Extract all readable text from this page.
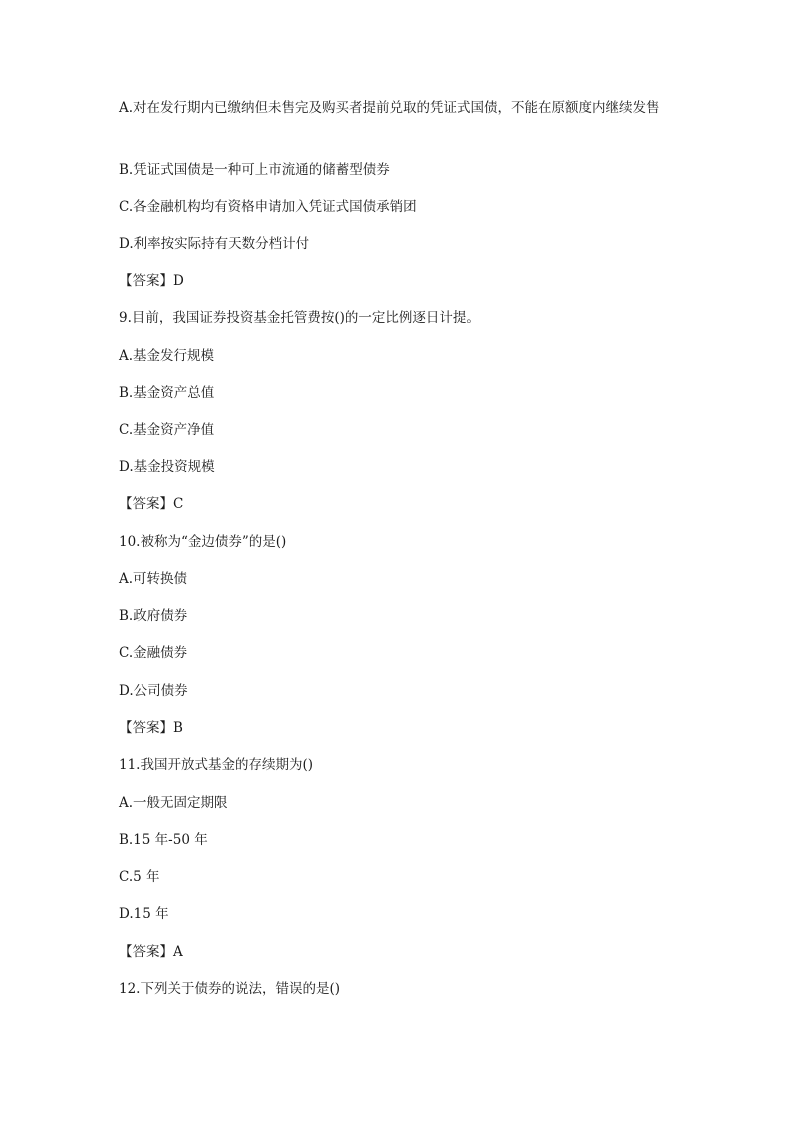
A.对在发行期内已缴纳但未售完及购买者提前兑取的凭证式国债，不能在原额度内继续发售
B.凭证式国债是一种可上市流通的储蓄型债券
C.各金融机构均有资格申请加入凭证式国债承销团
D.利率按实际持有天数分档计付
【答案】D
9.目前，我国证券投资基金托管费按()的一定比例逐日计提。
A.基金发行规模
B.基金资产总值
C.基金资产净值
D.基金投资规模
【答案】C
10.被称为“金边债券”的是()
A.可转换债
B.政府债券
C.金融债券
D.公司债券
【答案】B
11.我国开放式基金的存续期为()
A.一般无固定期限
B.15 年-50 年
C.5 年
D.15 年
【答案】A
12.下列关于债券的说法，错误的是()
